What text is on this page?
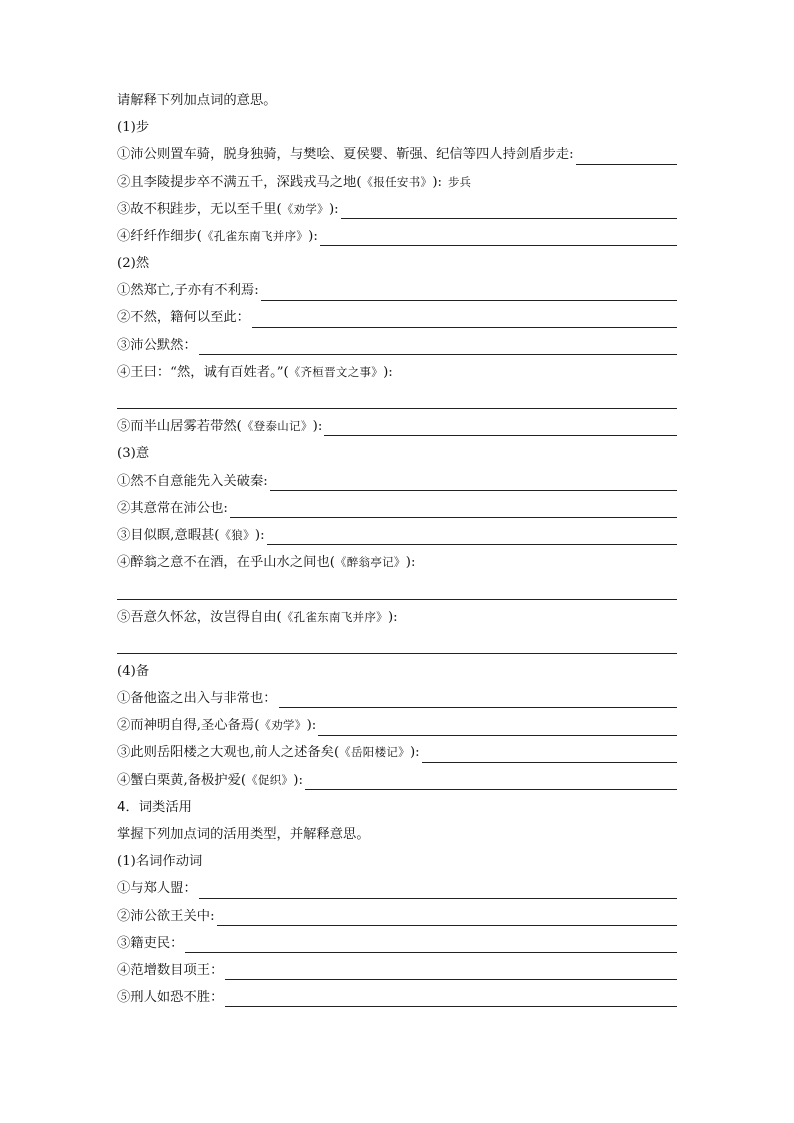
请解释下列加点词的意思。
(1)步
①沛公则置车骑，脱身独骑，与樊哙、夏侯婴、靳强、纪信等四人持剑盾步走:
②且李陵提步卒不满五千，深践戎马之地( 《报任安书》 ): 步兵
③故不积跬步，无以至千里( 《劝学》 ):
④纤纤作细步( 《孔雀东南飞并序》 ):
(2)然
①然郑亡,子亦有不利焉:
②不然，籍何以至此：
③沛公默然：
④王曰：“然，诚有百姓者。”( 《齐桓晋文之事》 ):
⑤而半山居雾若带然( 《登泰山记》 ):
(3)意
①然不自意能先入关破秦:
②其意常在沛公也:
③目似瞑,意暇甚( 《狼》 ):
④醉翁之意不在酒，在乎山水之间也( 《醉翁亭记》 ):
⑤吾意久怀忿，汝岂得自由( 《孔雀东南飞并序》 ):
(4)备
①备他盗之出入与非常也：
②而神明自得,圣心备焉( 《劝学》 ):
③此则岳阳楼之大观也,前人之述备矣( 《岳阳楼记》 ):
④蟹白栗黄,备极护爱( 《促织》 ):
4．词类活用
掌握下列加点词的活用类型，并解释意思。
(1)名词作动词
①与郑人盟：
②沛公欲王关中:
③籍吏民：
④范增数目项王：
⑤刑人如恐不胜：
